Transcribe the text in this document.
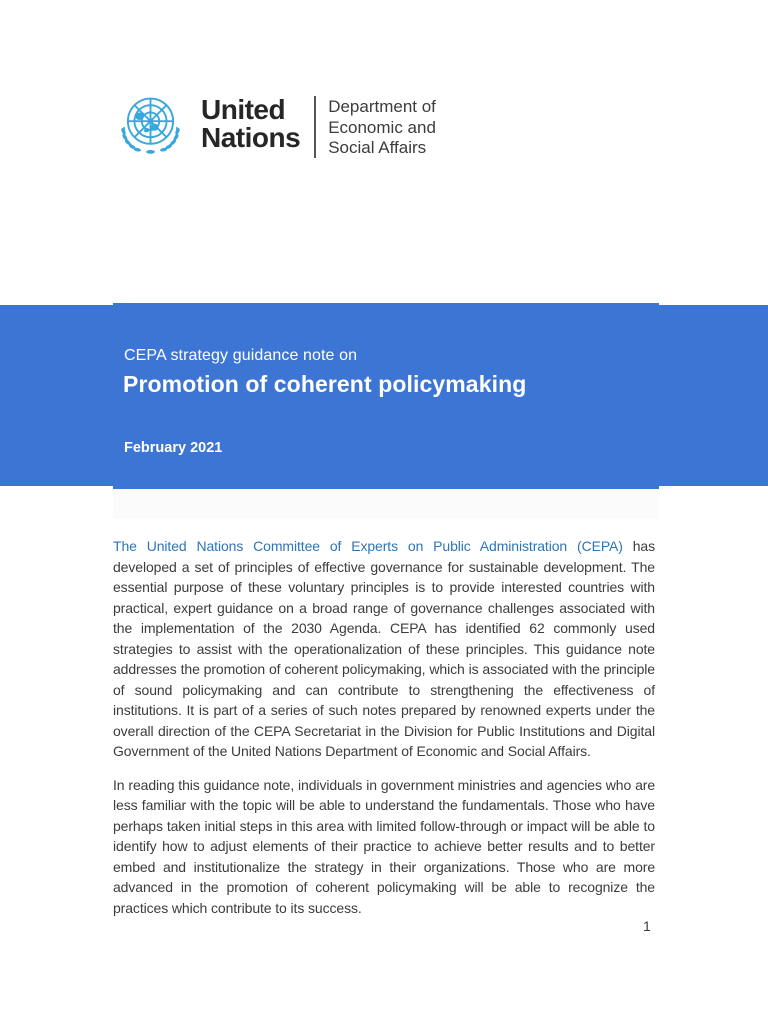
United
Nations
Department of
Economic and
Social Affairs
CEPA strategy guidance note on
Promotion of coherent policymaking
February 2021

The United Nations Committee of Experts on Public Administration (CEPA) has developed a set of principles of effective governance for sustainable development. The essential purpose of these voluntary principles is to provide interested countries with practical, expert guidance on a broad range of governance challenges associated with the implementation of the 2030 Agenda. CEPA has identified 62 commonly used strategies to assist with the operationalization of these principles. This guidance note addresses the promotion of coherent policymaking, which is associated with the principle of sound policymaking and can contribute to strengthening the effectiveness of institutions. It is part of a series of such notes prepared by renowned experts under the overall direction of the CEPA Secretariat in the Division for Public Institutions and Digital Government of the United Nations Department of Economic and Social Affairs.

In reading this guidance note, individuals in government ministries and agencies who are less familiar with the topic will be able to understand the fundamentals. Those who have perhaps taken initial steps in this area with limited follow-through or impact will be able to identify how to adjust elements of their practice to achieve better results and to better embed and institutionalize the strategy in their organizations. Those who are more advanced in the promotion of coherent policymaking will be able to recognize the practices which contribute to its success.

1
